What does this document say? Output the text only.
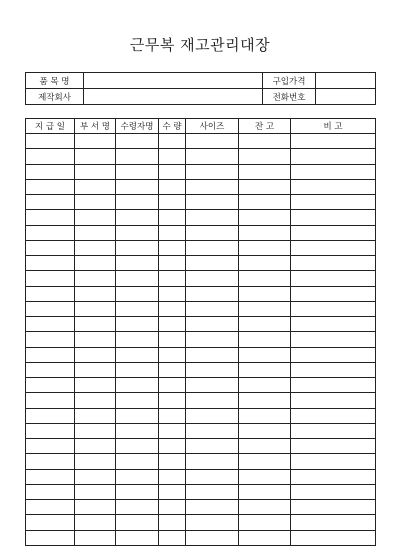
근무복 재고관리대장
품 목 명		구입가격	
제작회사		전화번호	
지 급 일	부 서 명	수령자명	수 량	사이즈	잔 고	비 고
